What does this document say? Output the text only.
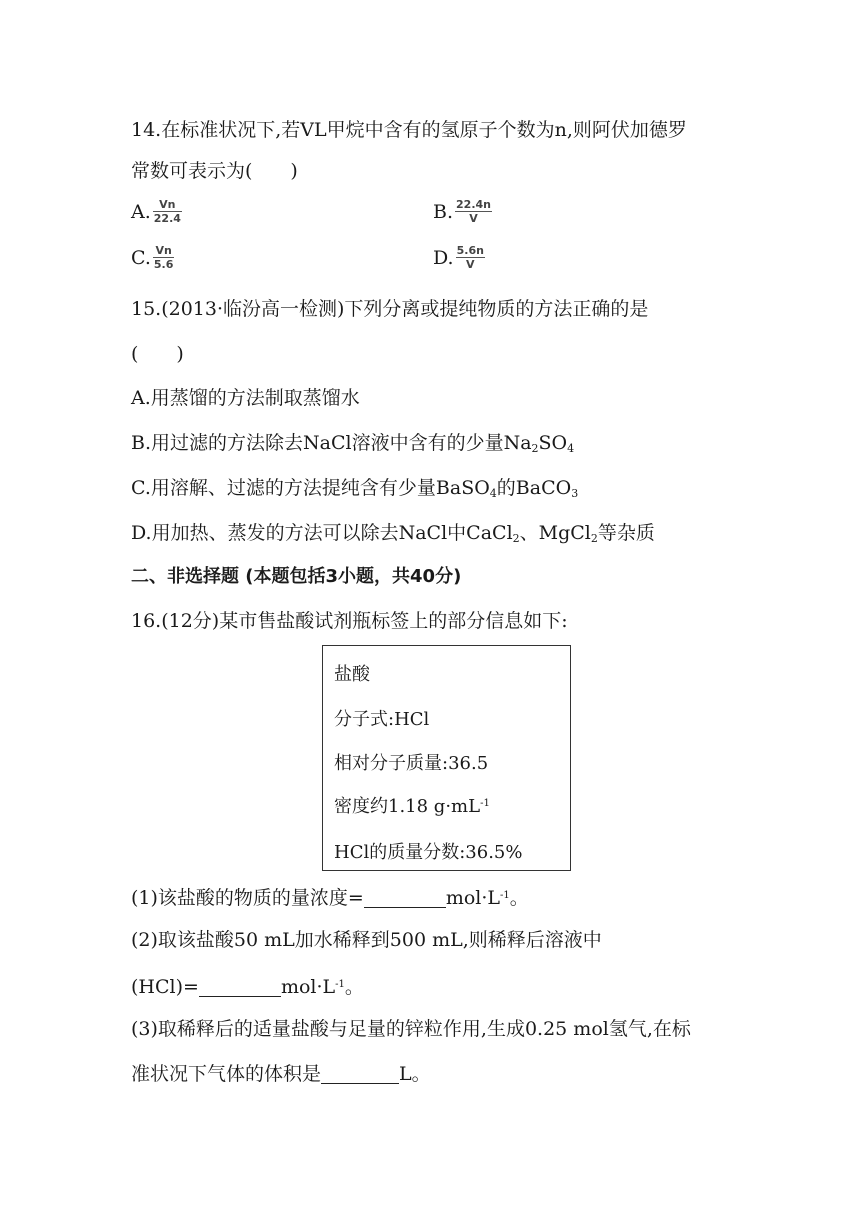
14.在标准状况下,若VL甲烷中含有的氢原子个数为n,则阿伏加德罗
常数可表示为(　　)
A. $\frac{Vn}{22.4}$	B. $\frac{22.4n}{V}$
C. $\frac{Vn}{5.6}$	D. $\frac{5.6n}{V}$
15.(2013·临汾高一检测)下列分离或提纯物质的方法正确的是
(　　)
A.用蒸馏的方法制取蒸馏水
B.用过滤的方法除去NaCl溶液中含有的少量$Na_2SO_4$
C.用溶解、过滤的方法提纯含有少量BaSO$_4$的BaCO$_3$
D.用加热、蒸发的方法可以除去NaCl中CaCl$_2$、MgCl$_2$等杂质
二、非选择题 (本题包括3小题，共40分)
16.(12分)某市售盐酸试剂瓶标签上的部分信息如下:
盐酸
分子式:HCl
相对分子质量:36.5
密度约1.18 $g\cdot mL^{-1}$
HCl的质量分数:36.5%
(1)该盐酸的物质的量浓度=	$mol\cdot L^{-1}$。
(2)取该盐酸50 mL加水稀释到500 mL,则稀释后溶液中
(HCl)=	$mol\cdot L^{-1}$。
(3)取稀释后的适量盐酸与足量的锌粒作用,生成0.25 mol氢气,在标
准状况下气体的体积是	L。
